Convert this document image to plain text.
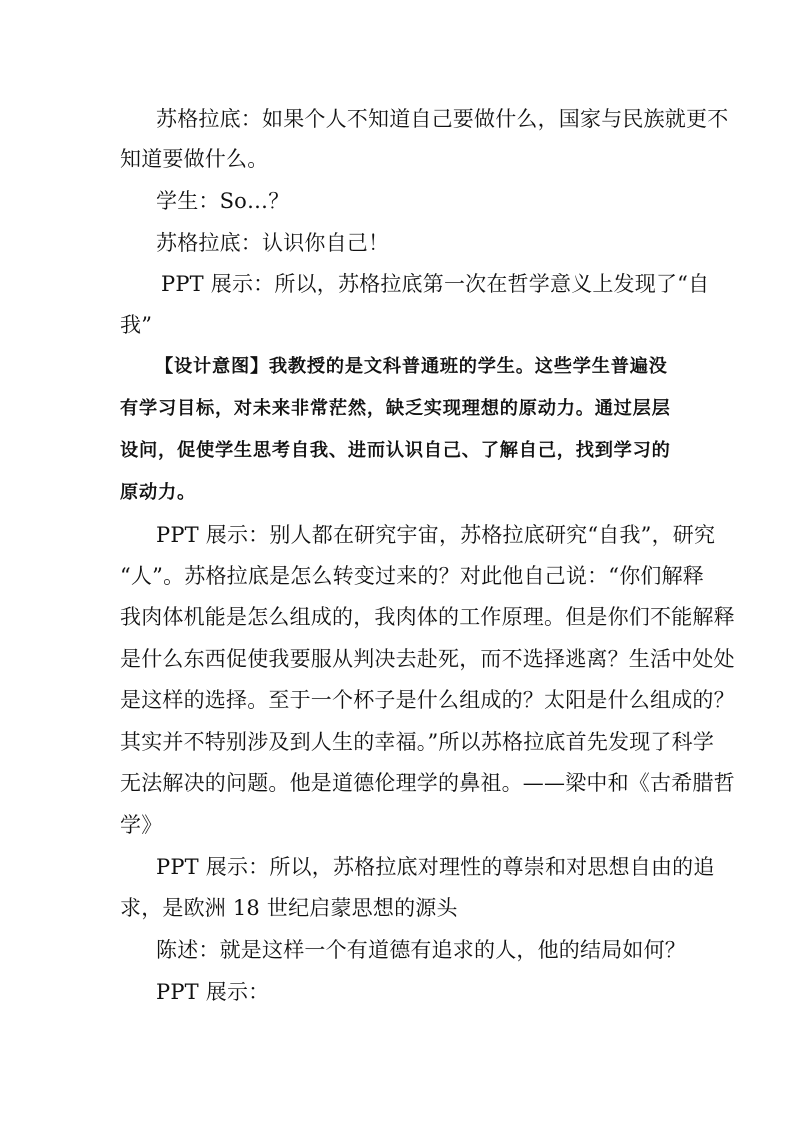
苏格拉底：如果个人不知道自己要做什么，国家与民族就更不
知道要做什么。
学生：So…？
苏格拉底：认识你自己！
PPT 展示：所以，苏格拉底第一次在哲学意义上发现了“自
我”
【设计意图】我教授的是文科普通班的学生。这些学生普遍没
有学习目标，对未来非常茫然，缺乏实现理想的原动力。通过层层
设问，促使学生思考自我、进而认识自己、了解自己，找到学习的
原动力。
PPT 展示：别人都在研究宇宙，苏格拉底研究“自我”，研究
“人”。苏格拉底是怎么转变过来的？对此他自己说：“你们解释
我肉体机能是怎么组成的，我肉体的工作原理。但是你们不能解释
是什么东西促使我要服从判决去赴死，而不选择逃离？生活中处处
是这样的选择。至于一个杯子是什么组成的？太阳是什么组成的？
其实并不特别涉及到人生的幸福。”所以苏格拉底首先发现了科学
无法解决的问题。他是道德伦理学的鼻祖。——梁中和《古希腊哲
学》
PPT 展示：所以，苏格拉底对理性的尊崇和对思想自由的追
求，是欧洲 18 世纪启蒙思想的源头
陈述：就是这样一个有道德有追求的人，他的结局如何？
PPT 展示：
